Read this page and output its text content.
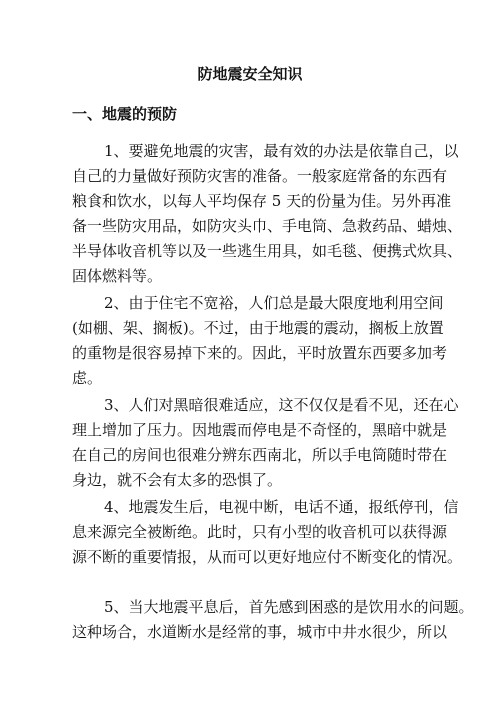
防地震安全知识
一、地震的预防
1、要避免地震的灾害，最有效的办法是依靠自己，以
自己的力量做好预防灾害的准备。一般家庭常备的东西有
粮食和饮水，以每人平均保存 5 天的份量为佳。另外再准
备一些防灾用品，如防灾头巾、手电筒、急救药品、蜡烛、
半导体收音机等以及一些逃生用具，如毛毯、便携式炊具、
固体燃料等。
2、由于住宅不宽裕，人们总是最大限度地利用空间
(如棚、架、搁板)。不过，由于地震的震动，搁板上放置
的重物是很容易掉下来的。因此，平时放置东西要多加考
虑。
3、人们对黑暗很难适应，这不仅仅是看不见，还在心
理上增加了压力。因地震而停电是不奇怪的，黑暗中就是
在自己的房间也很难分辨东西南北，所以手电筒随时带在
身边，就不会有太多的恐惧了。
4、地震发生后，电视中断，电话不通，报纸停刊，信
息来源完全被断绝。此时，只有小型的收音机可以获得源
源不断的重要情报，从而可以更好地应付不断变化的情况。
5、当大地震平息后，首先感到困惑的是饮用水的问题。
这种场合，水道断水是经常的事，城市中井水很少，所以
